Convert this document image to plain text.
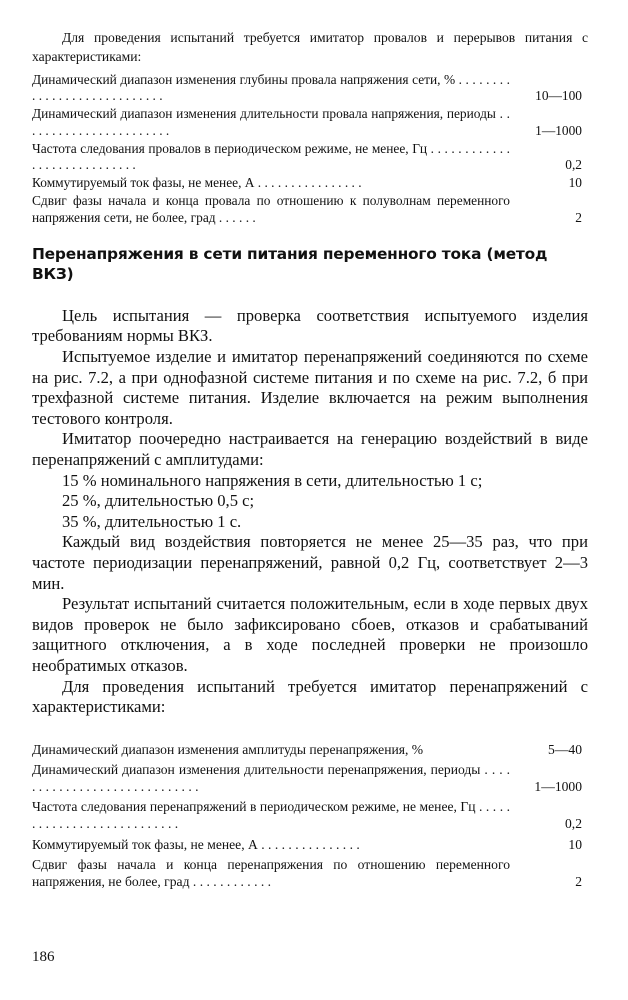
Для проведения испытаний требуется имитатор провалов и перерывов питания с характеристиками:

Динамический диапазон изменения глубины провала напряжения сети, % . . . . . . . . . . . . . . . . . . . . . . . . . . . .	10—100
Динамический диапазон изменения длительности провала напряжения, периоды . . . . . . . . . . . . . . . . . . . . . . .	1—1000
Частота следования провалов в периодическом режиме, не менее, Гц . . . . . . . . . . . . . . . . . . . . . . . . . . . .	0,2
Коммутируемый ток фазы, не менее, А . . . . . . . . . . . . . . . .	10
Сдвиг фазы начала и конца провала по отношению к полуволнам переменного напряжения сети, не более, град . . . . . .	2
Перенапряжения в сети питания переменного тока (метод ВКЗ)

Цель испытания — проверка соответствия испытуемого изделия требованиям нормы ВКЗ.

Испытуемое изделие и имитатор перенапряжений соединяются по схеме на рис. 7.2, а при однофазной системе питания и по схеме на рис. 7.2, б при трехфазной системе питания. Изделие включается на режим выполнения тестового контроля.

Имитатор поочередно настраивается на генерацию воздействий в виде перенапряжений с амплитудами:

15 % номинального напряжения в сети, длительностью 1 с;

25 %, длительностью 0,5 с;

35 %, длительностью 1 с.

Каждый вид воздействия повторяется не менее 25—35 раз, что при частоте периодизации перенапряжений, равной 0,2 Гц, соответствует 2—3 мин.

Результат испытаний считается положительным, если в ходе первых двух видов проверок не было зафиксировано сбоев, отказов и срабатываний защитного отключения, а в ходе последней проверки не произошло необратимых отказов.

Для проведения испытаний требуется имитатор перенапряжений с характеристиками:

Динамический диапазон изменения амплитуды перенапряжения, %	5—40
Динамический диапазон изменения длительности перенапряжения, периоды . . . . . . . . . . . . . . . . . . . . . . . . . . . . .	1—1000
Частота следования перенапряжений в периодическом режиме, не менее, Гц . . . . . . . . . . . . . . . . . . . . . . . . . . .	0,2
Коммутируемый ток фазы, не менее, А . . . . . . . . . . . . . . .	10
Сдвиг фазы начала и конца перенапряжения по отношению переменного напряжения, не более, град . . . . . . . . . . . .	2
186
